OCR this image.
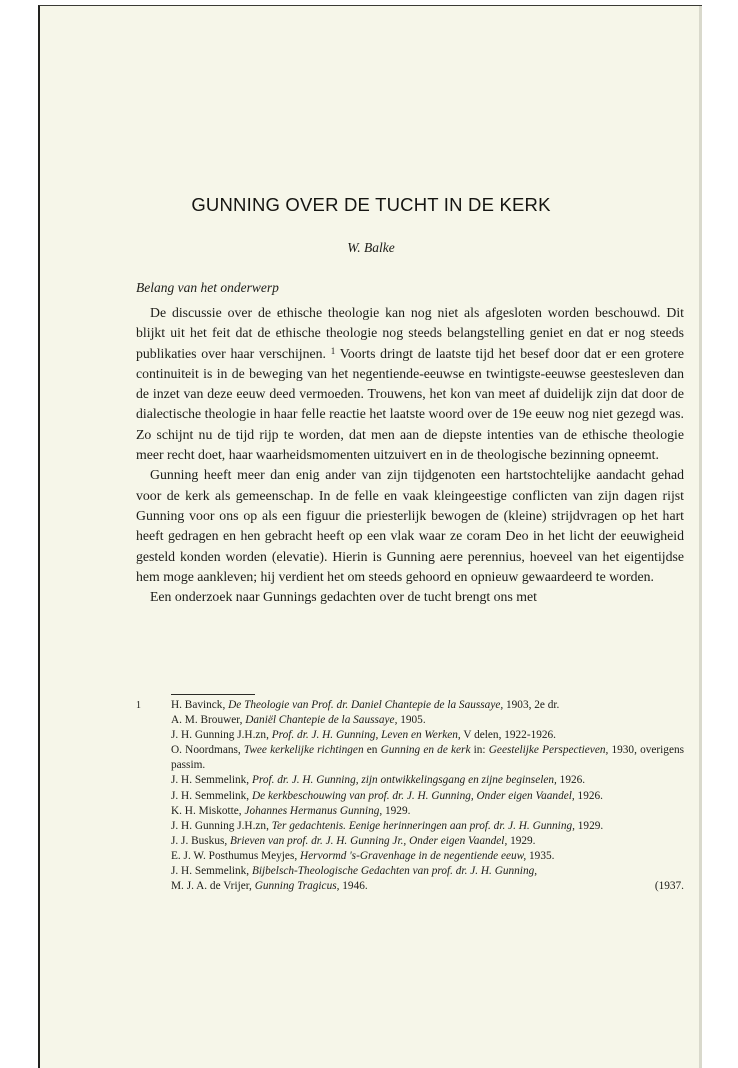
GUNNING OVER DE TUCHT IN DE KERK
W. Balke
Belang van het onderwerp

De discussie over de ethische theologie kan nog niet als afgesloten worden beschouwd. Dit blijkt uit het feit dat de ethische theologie nog steeds belangstelling geniet en dat er nog steeds publikaties over haar verschijnen. $^1$ Voorts dringt de laatste tijd het besef door dat er een grotere continuiteit is in de beweging van het negentiende-eeuwse en twintigste-eeuwse geestesleven dan de inzet van deze eeuw deed vermoeden. Trouwens, het kon van meet af duidelijk zijn dat door de dialectische theologie in haar felle reactie het laatste woord over de 19e eeuw nog niet gezegd was. Zo schijnt nu de tijd rijp te worden, dat men aan de diepste intenties van de ethische theologie meer recht doet, haar waarheidsmomenten uitzuivert en in de theologische bezinning opneemt.

Gunning heeft meer dan enig ander van zijn tijdgenoten een hartstochtelijke aandacht gehad voor de kerk als gemeenschap. In de felle en vaak kleingeestige conflicten van zijn dagen rijst Gunning voor ons op als een figuur die priesterlijk bewogen de (kleine) strijdvragen op het hart heeft gedragen en hen gebracht heeft op een vlak waar ze coram Deo in het licht der eeuwigheid gesteld konden worden (elevatie). Hierin is Gunning aere perennius, hoeveel van het eigentijdse hem moge aankleven; hij verdient het om steeds gehoord en opnieuw gewaardeerd te worden.

Een onderzoek naar Gunnings gedachten over de tucht brengt ons met

1	H. Bavinck, De Theologie van Prof. dr. Daniel Chantepie de la Saussaye, 1903, 2e dr.
A. M. Brouwer, Daniël Chantepie de la Saussaye, 1905.
J. H. Gunning J.H.zn, Prof. dr. J. H. Gunning, Leven en Werken, V delen, 1922-1926.
O. Noordmans, Twee kerkelijke richtingen en Gunning en de kerk in: Geestelijke Perspectieven, 1930, overigens passim.
J. H. Semmelink, Prof. dr. J. H. Gunning, zijn ontwikkelingsgang en zijne beginselen, 1926.
J. H. Semmelink, De kerkbeschouwing van prof. dr. J. H. Gunning, Onder eigen Vaandel, 1926.
K. H. Miskotte, Johannes Hermanus Gunning, 1929.
J. H. Gunning J.H.zn, Ter gedachtenis. Eenige herinneringen aan prof. dr. J. H. Gunning, 1929.
J. J. Buskus, Brieven van prof. dr. J. H. Gunning Jr., Onder eigen Vaandel, 1929.
E. J. W. Posthumus Meyjes, Hervormd 's-Gravenhage in de negentiende eeuw, 1935.
J. H. Semmelink, Bijbelsch-Theologische Gedachten van prof. dr. J. H. Gunning,
M. J. A. de Vrijer, Gunning Tragicus, 1946.	(1937.
